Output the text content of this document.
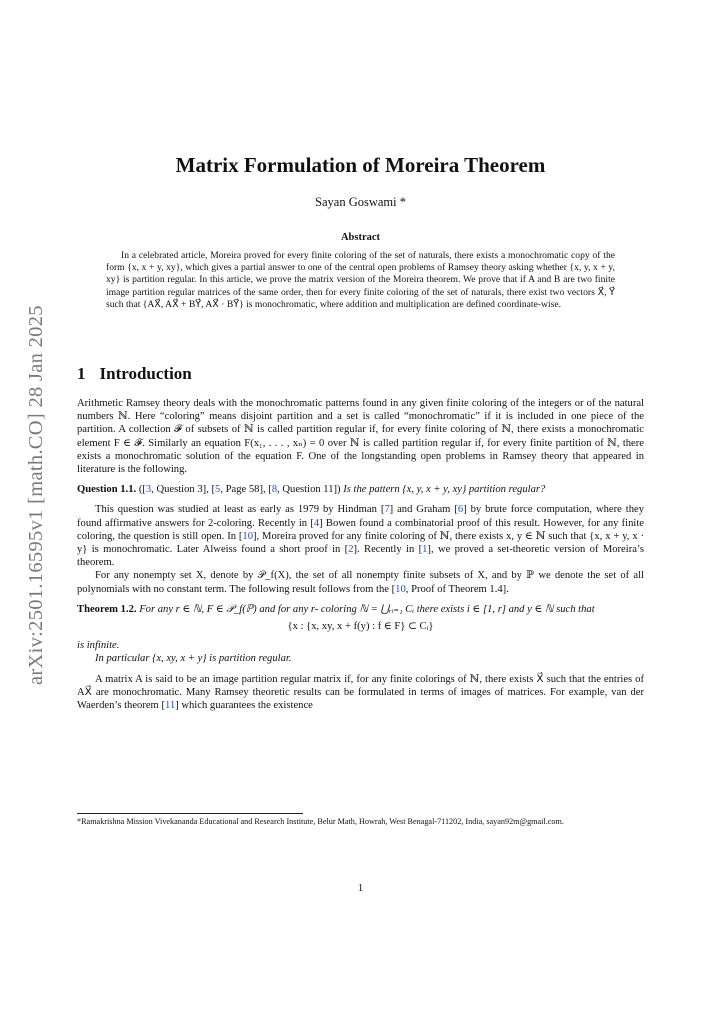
arXiv:2501.16595v1 [math.CO] 28 Jan 2025
Matrix Formulation of Moreira Theorem
Sayan Goswami *
Abstract
In a celebrated article, Moreira proved for every finite coloring of the set of naturals, there exists a monochromatic copy of the form {x, x + y, xy}, which gives a partial answer to one of the central open problems of Ramsey theory asking whether {x, y, x + y, xy} is partition regular. In this article, we prove the matrix version of the Moreira theorem. We prove that if A and B are two finite image partition regular matrices of the same order, then for every finite coloring of the set of naturals, there exist two vectors X⃗, Y⃗ such that {AX⃗, AX⃗ + BY⃗, AX⃗ · BY⃗} is monochromatic, where addition and multiplication are defined coordinate-wise.
1 Introduction

Arithmetic Ramsey theory deals with the monochromatic patterns found in any given finite coloring of the integers or of the natural numbers ℕ. Here “coloring” means disjoint partition and a set is called “monochromatic” if it is included in one piece of the partition. A collection 𝓕 of subsets of ℕ is called partition regular if, for every finite coloring of ℕ, there exists a monochromatic element F ∈ 𝓕. Similarly an equation F(x₁, . . . , xₙ) = 0 over ℕ is called partition regular if, for every finite partition of ℕ, there exists a monochromatic solution of the equation F. One of the longstanding open problems in Ramsey theory that appeared in literature is the following.

Question 1.1. ([3, Question 3], [5, Page 58], [8, Question 11]) Is the pattern {x, y, x + y, xy} partition regular?

This question was studied at least as early as 1979 by Hindman [7] and Graham [6] by brute force computation, where they found affirmative answers for 2-coloring. Recently in [4] Bowen found a combinatorial proof of this result. However, for any finite coloring, the question is still open. In [10], Moreira proved for any finite coloring of ℕ, there exists x, y ∈ ℕ such that {x, x + y, x · y} is monochromatic. Later Alweiss found a short proof in [2]. Recently in [1], we proved a set-theoretic version of Moreira’s theorem.

For any nonempty set X, denote by 𝒫_f(X), the set of all nonempty finite subsets of X, and by ℙ we denote the set of all polynomials with no constant term. The following result follows from the [10, Proof of Theorem 1.4].

Theorem 1.2. For any r ∈ ℕ, F ∈ 𝒫_f(ℙ) and for any r- coloring ℕ = ⋃ᵣᵢ₌₁ Cᵢ there exists i ∈ [1, r] and y ∈ ℕ such that

{x : {x, xy, x + f(y) : f ∈ F} ⊂ Cᵢ}

is infinite.

In particular {x, xy, x + y} is partition regular.

A matrix A is said to be an image partition regular matrix if, for any finite colorings of ℕ, there exists X⃗ such that the entries of AX⃗ are monochromatic. Many Ramsey theoretic results can be formulated in terms of images of matrices. For example, van der Waerden’s theorem [11] which guarantees the existence

*Ramakrishna Mission Vivekananda Educational and Research Institute, Belur Math, Howrah, West Benagal-711202, India, sayan92m@gmail.com.
1
